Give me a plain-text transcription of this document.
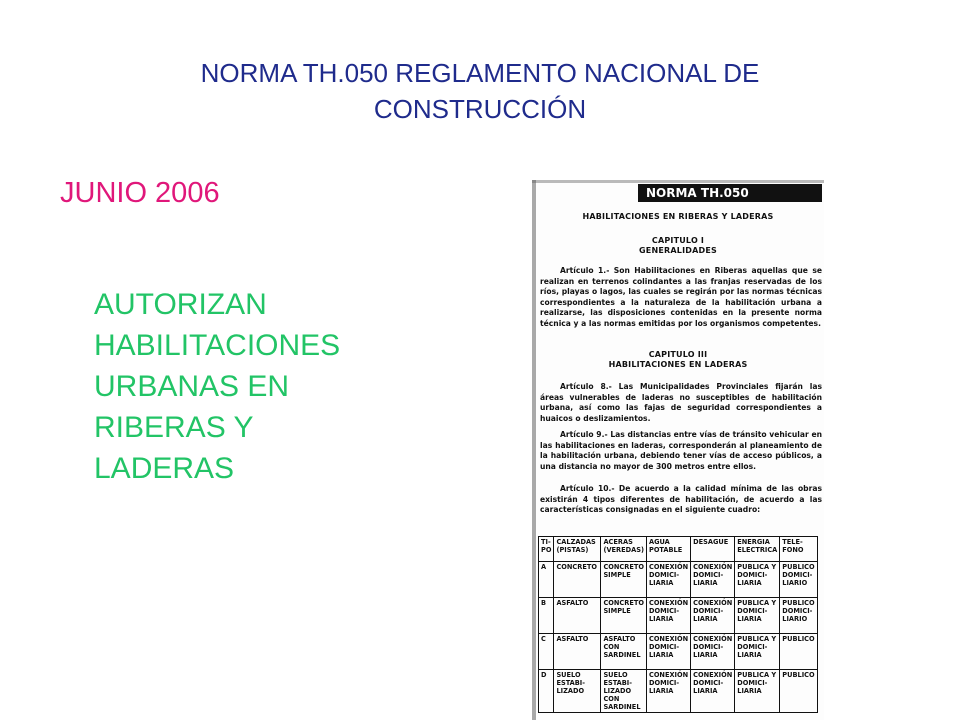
NORMA TH.050 REGLAMENTO NACIONAL DE
CONSTRUCCIÓN
JUNIO 2006
AUTORIZAN
HABILITACIONES
URBANAS EN
RIBERAS Y
LADERAS
NORMA TH.050
HABILITACIONES EN RIBERAS Y LADERAS
CAPITULO I
GENERALIDADES
Artículo 1.- Son Habilitaciones en Riberas aquellas que se realizan en terrenos colindantes a las franjas reservadas de los ríos, playas o lagos, las cuales se regirán por las normas técnicas correspondientes a la naturaleza de la habilitación urbana a realizarse, las disposiciones contenidas en la presente norma técnica y a las normas emitidas por los organismos competentes.
CAPITULO III
HABILITACIONES EN LADERAS
Artículo 8.- Las Municipalidades Provinciales fijarán las áreas vulnerables de laderas no susceptibles de habilitación urbana, así como las fajas de seguridad correspondientes a huaicos o deslizamientos.
Artículo 9.- Las distancias entre vías de tránsito vehicular en las habilitaciones en laderas, corresponderán al planeamiento de la habilitación urbana, debiendo tener vías de acceso públicos, a una distancia no mayor de 300 metros entre ellos.
Artículo 10.- De acuerdo a la calidad mínima de las obras existirán 4 tipos diferentes de habilitación, de acuerdo a las características consignadas en el siguiente cuadro:
TI-PO	CALZADAS (PISTAS)	ACERAS (VEREDAS)	AGUA POTABLE	DESAGUE	ENERGIA ELECTRICA	TELE-FONO
A	CONCRETO	CONCRETO SIMPLE	CONEXIÓN DOMICI-LIARIA	CONEXIÓN DOMICI-LIARIA	PUBLICA Y DOMICI-LIARIA	PUBLICO DOMICI-LIARIO
B	ASFALTO	CONCRETO SIMPLE	CONEXIÓN DOMICI-LIARIA	CONEXIÓN DOMICI-LIARIA	PUBLICA Y DOMICI-LIARIA	PUBLICO DOMICI-LIARIO
C	ASFALTO	ASFALTO CON SARDINEL	CONEXIÓN DOMICI-LIARIA	CONEXIÓN DOMICI-LIARIA	PUBLICA Y DOMICI-LIARIA	PUBLICO
D	SUELO ESTABI-LIZADO	SUELO ESTABI-LIZADO CON SARDINEL	CONEXIÓN DOMICI-LIARIA	CONEXIÓN DOMICI-LIARIA	PUBLICA Y DOMICI-LIARIA	PUBLICO
